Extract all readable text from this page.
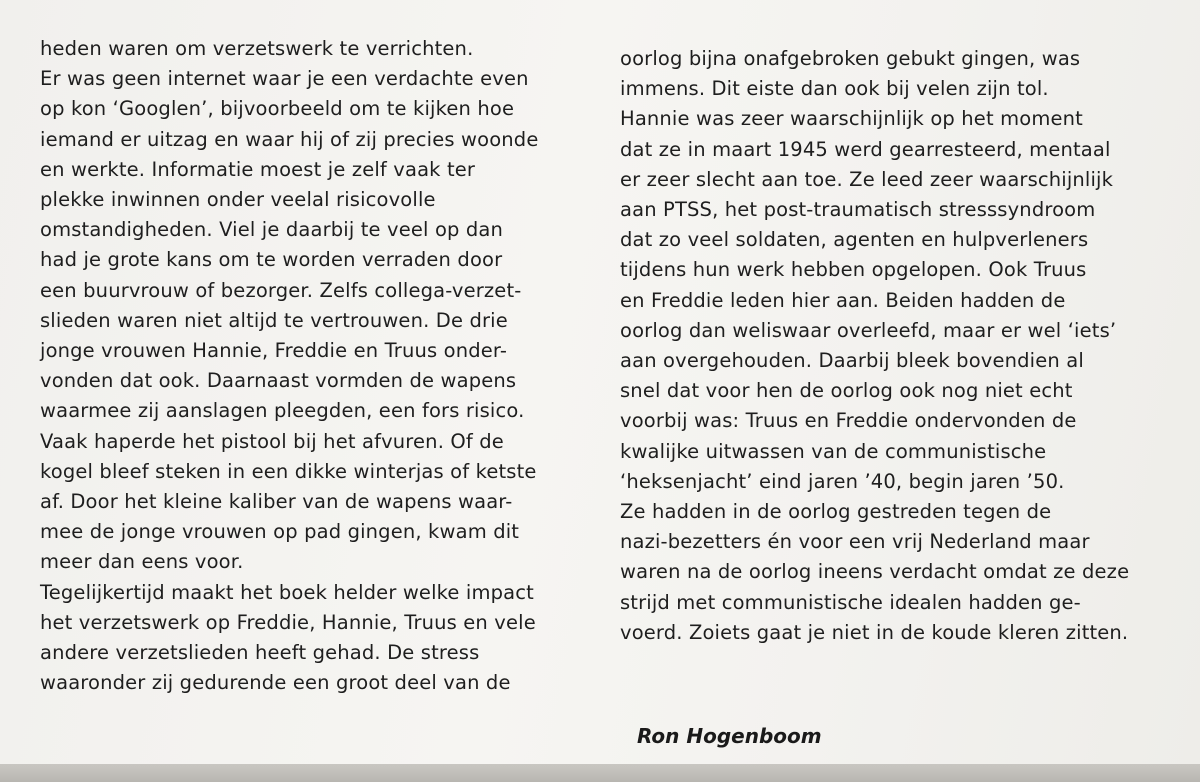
heden waren om verzetswerk te verrichten.
Er was geen internet waar je een verdachte even
op kon ‘Googlen’, bijvoorbeeld om te kijken hoe
iemand er uitzag en waar hij of zij precies woonde
en werkte. Informatie moest je zelf vaak ter
plekke inwinnen onder veelal risicovolle
omstandigheden. Viel je daarbij te veel op dan
had je grote kans om te worden verraden door
een buurvrouw of bezorger. Zelfs collega-verzet-
slieden waren niet altijd te vertrouwen. De drie
jonge vrouwen Hannie, Freddie en Truus onder-
vonden dat ook. Daarnaast vormden de wapens
waarmee zij aanslagen pleegden, een fors risico.
Vaak haperde het pistool bij het afvuren. Of de
kogel bleef steken in een dikke winterjas of ketste
af. Door het kleine kaliber van de wapens waar-
mee de jonge vrouwen op pad gingen, kwam dit
meer dan eens voor.
Tegelijkertijd maakt het boek helder welke impact
het verzetswerk op Freddie, Hannie, Truus en vele
andere verzetslieden heeft gehad. De stress
waaronder zij gedurende een groot deel van de
oorlog bijna onafgebroken gebukt gingen, was
immens. Dit eiste dan ook bij velen zijn tol.
Hannie was zeer waarschijnlijk op het moment
dat ze in maart 1945 werd gearresteerd, mentaal
er zeer slecht aan toe. Ze leed zeer waarschijnlijk
aan PTSS, het post-traumatisch stresssyndroom
dat zo veel soldaten, agenten en hulpverleners
tijdens hun werk hebben opgelopen. Ook Truus
en Freddie leden hier aan. Beiden hadden de
oorlog dan weliswaar overleefd, maar er wel ‘iets’
aan overgehouden. Daarbij bleek bovendien al
snel dat voor hen de oorlog ook nog niet echt
voorbij was: Truus en Freddie ondervonden de
kwalijke uitwassen van de communistische
‘heksenjacht’ eind jaren ’40, begin jaren ’50.
Ze hadden in de oorlog gestreden tegen de
nazi-bezetters én voor een vrij Nederland maar
waren na de oorlog ineens verdacht omdat ze deze
strijd met communistische idealen hadden ge-
voerd. Zoiets gaat je niet in de koude kleren zitten.
Ron Hogenboom
